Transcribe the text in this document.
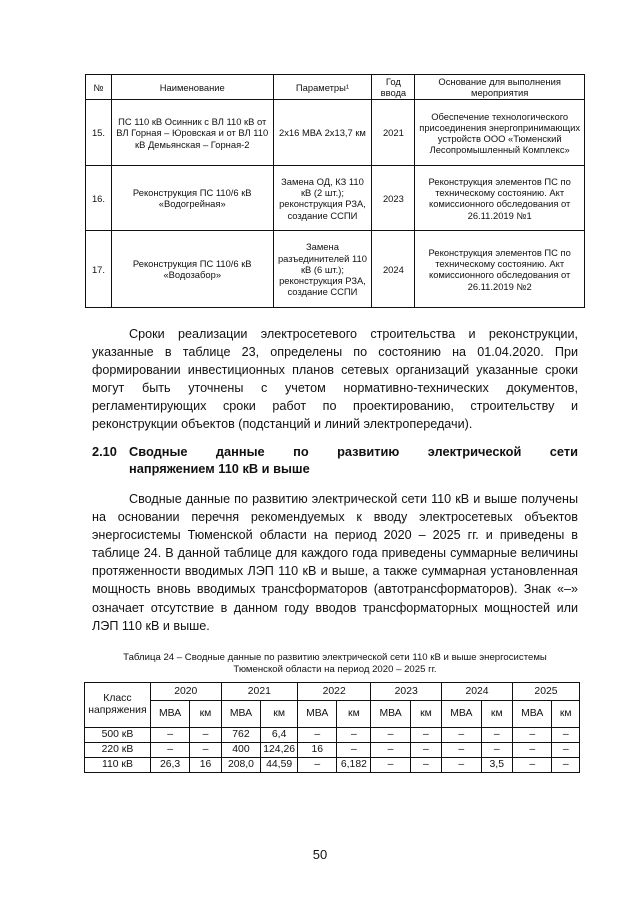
№	Наименование	Параметры¹	Год ввода	Основание для выполнения мероприятия
15.	ПС 110 кВ Осинник с ВЛ 110 кВ от ВЛ Горная – Юровская и от ВЛ 110 кВ Демьянская – Горная-2	2х16 МВА 2х13,7 км	2021	Обеспечение технологического присоединения энергопринимающих устройств ООО «Тюменский Лесопромышленный Комплекс»
16.	Реконструкция ПС 110/6 кВ «Водогрейная»	Замена ОД, КЗ 110 кВ (2 шт.); реконструкция РЗА, создание ССПИ	2023	Реконструкция элементов ПС по техническому состоянию. Акт комиссионного обследования от 26.11.2019 №1
17.	Реконструкция ПС 110/6 кВ «Водозабор»	Замена разъединителей 110 кВ (6 шт.); реконструкция РЗА, создание ССПИ	2024	Реконструкция элементов ПС по техническому состоянию. Акт комиссионного обследования от 26.11.2019 №2

Сроки реализации электросетевого строительства и реконструкции, указанные в таблице 23, определены по состоянию на 01.04.2020. При формировании инвестиционных планов сетевых организаций указанные сроки могут быть уточнены с учетом нормативно-технических документов, регламентирующих сроки работ по проектированию, строительству и реконструкции объектов (подстанций и линий электропередачи).

2.10 Сводные данные по развитию электрической сети
напряжением 110 кВ и выше

Сводные данные по развитию электрической сети 110 кВ и выше получены на основании перечня рекомендуемых к вводу электросетевых объектов энергосистемы Тюменской области на период 2020 – 2025 гг. и приведены в таблице 24. В данной таблице для каждого года приведены суммарные величины протяженности вводимых ЛЭП 110 кВ и выше, а также суммарная установленная мощность вновь вводимых трансформаторов (автотрансформаторов). Знак «–» означает отсутствие в данном году вводов трансформаторных мощностей или ЛЭП 110 кВ и выше.

Таблица 24 – Сводные данные по развитию электрической сети 110 кВ и выше энергосистемы
Тюменской области на период 2020 – 2025 гг.
Класс напряжения	2020		2021		2022		2023		2024		2025	
	МВА	км	МВА	км	МВА	км	МВА	км	МВА	км	МВА	км
500 кВ	–	–	762	6,4	–	–	–	–	–	–	–	–
220 кВ	–	–	400	124,26	16	–	–	–	–	–	–	–
110 кВ	26,3	16	208,0	44,59	–	6,182	–	–	–	3,5	–	–
50
